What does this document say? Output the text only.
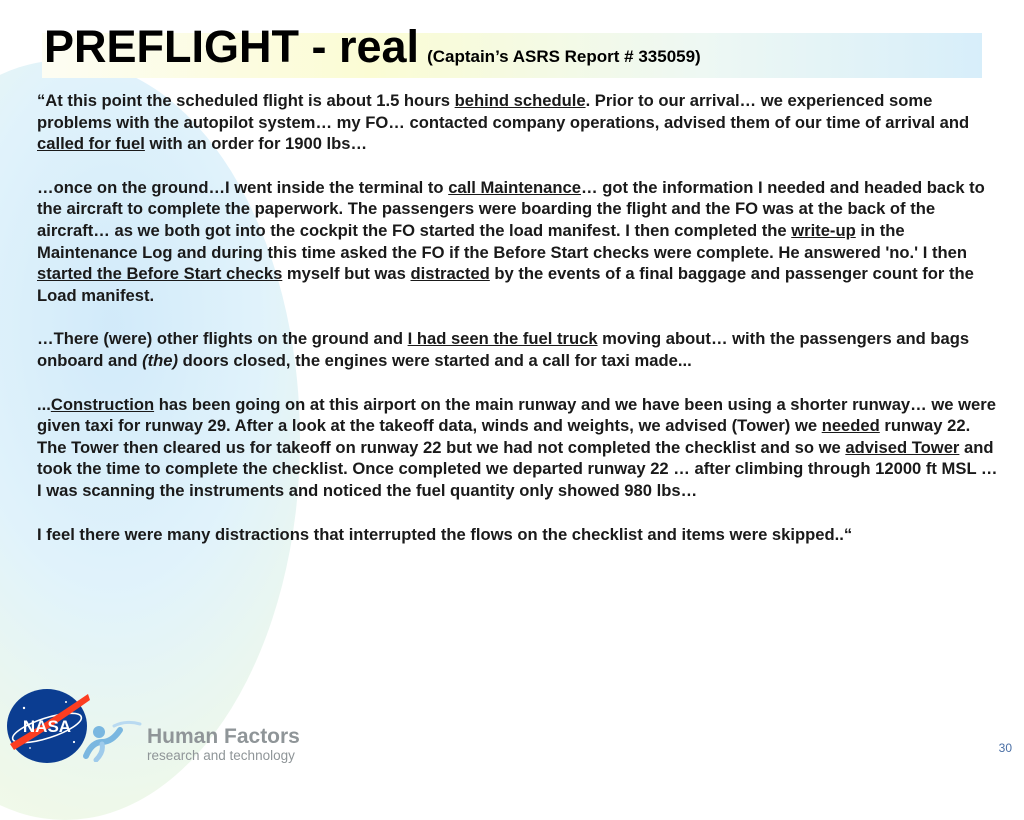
PREFLIGHT - real (Captain’s ASRS Report # 335059)

“At this point the scheduled flight is about 1.5 hours behind schedule. Prior to our arrival… we experienced some problems with the autopilot system… my FO… contacted company operations, advised them of our time of arrival and called for fuel with an order for 1900 lbs…

…once on the ground…I went inside the terminal to call Maintenance… got the information I needed and headed back to the aircraft to complete the paperwork. The passengers were boarding the flight and the FO was at the back of the aircraft… as we both got into the cockpit the FO started the load manifest. I then completed the write-up in the Maintenance Log and during this time asked the FO if the Before Start checks were complete. He answered 'no.' I then started the Before Start checks myself but was distracted by the events of a final baggage and passenger count for the Load manifest.

…There (were) other flights on the ground and I had seen the fuel truck moving about… with the passengers and bags onboard and (the) doors closed, the engines were started and a call for taxi made...

...Construction has been going on at this airport on the main runway and we have been using a shorter runway… we were given taxi for runway 29. After a look at the takeoff data, winds and weights, we advised (Tower) we needed runway 22. The Tower then cleared us for takeoff on runway 22 but we had not completed the checklist and so we advised Tower and took the time to complete the checklist. Once completed we departed runway 22 … after climbing through 12000 ft MSL … I was scanning the instruments and noticed the fuel quantity only showed 980 lbs…

I feel there were many distractions that interrupted the flows on the checklist and items were skipped..“

NASA	Human Factors
research and technology	30
